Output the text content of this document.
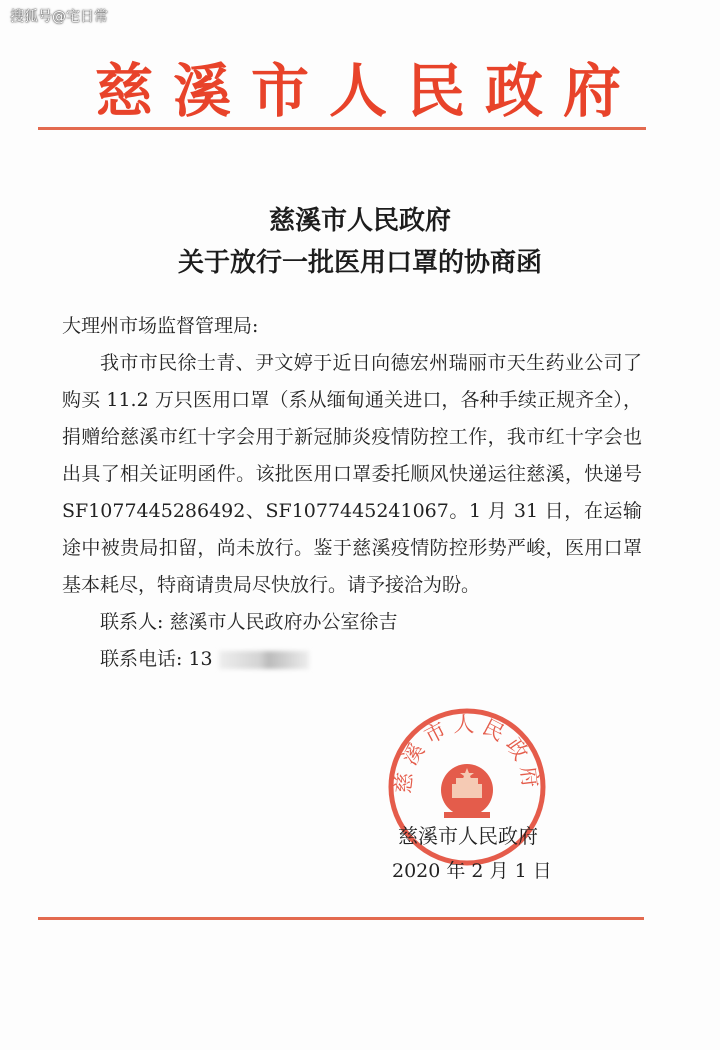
搜狐号@宅日常
慈溪市人民政府
慈溪市人民政府
关于放行一批医用口罩的协商函

大理州市场监督管理局:

我市市民徐士青、尹文婷于近日向德宏州瑞丽市天生药业公司了购买 11.2 万只医用口罩（系从缅甸通关进口，各种手续正规齐全），捐赠给慈溪市红十字会用于新冠肺炎疫情防控工作，我市红十字会也出具了相关证明函件。该批医用口罩委托顺风快递运往慈溪，快递号 SF1077445286492、SF1077445241067。1 月 31 日，在运输途中被贵局扣留，尚未放行。鉴于慈溪疫情防控形势严峻，医用口罩基本耗尽，特商请贵局尽快放行。请予接洽为盼。

联系人: 慈溪市人民政府办公室徐吉

联系电话: 13

慈溪市人民政府
慈溪市人民政府
2020 年 2 月 1 日
